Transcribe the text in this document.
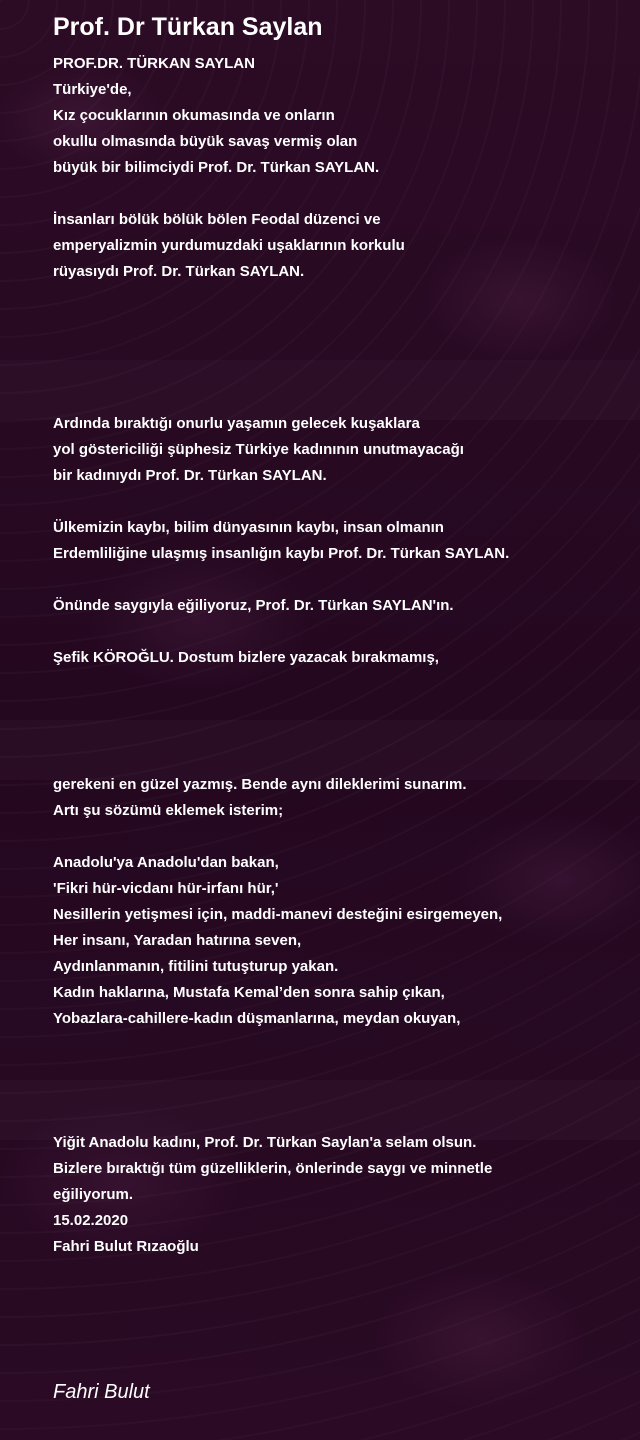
Prof. Dr Türkan Saylan
PROF.DR. TÜRKAN SAYLAN
Türkiye'de,
Kız çocuklarının okumasında ve onların
okullu olmasında büyük savaş vermiş olan
büyük bir bilimciydi Prof. Dr. Türkan SAYLAN.
İnsanları bölük bölük bölen Feodal düzenci ve
emperyalizmin yurdumuzdaki uşaklarının korkulu
rüyasıydı Prof. Dr. Türkan SAYLAN.
Ardında bıraktığı onurlu yaşamın gelecek kuşaklara
yol göstericiliği şüphesiz Türkiye kadınının unutmayacağı
bir kadınıydı Prof. Dr. Türkan SAYLAN.
Ülkemizin kaybı, bilim dünyasının kaybı, insan olmanın
Erdemliliğine ulaşmış insanlığın kaybı Prof. Dr. Türkan SAYLAN.
Önünde saygıyla eğiliyoruz, Prof. Dr. Türkan SAYLAN'ın.
Şefik KÖROĞLU. Dostum bizlere yazacak bırakmamış,
gerekeni en güzel yazmış. Bende aynı dileklerimi sunarım.
Artı şu sözümü eklemek isterim;
Anadolu'ya Anadolu'dan bakan,
'Fikri hür-vicdanı hür-irfanı hür,'
Nesillerin yetişmesi için, maddi-manevi desteğini esirgemeyen,
Her insanı, Yaradan hatırına seven,
Aydınlanmanın, fitilini tutuşturup yakan.
Kadın haklarına, Mustafa Kemal’den sonra sahip çıkan,
Yobazlara-cahillere-kadın düşmanlarına, meydan okuyan,
Yiğit Anadolu kadını, Prof. Dr. Türkan Saylan'a selam olsun.
Bizlere bıraktığı tüm güzelliklerin, önlerinde saygı ve minnetle
eğiliyorum.
15.02.2020
Fahri Bulut Rızaoğlu
Fahri Bulut
